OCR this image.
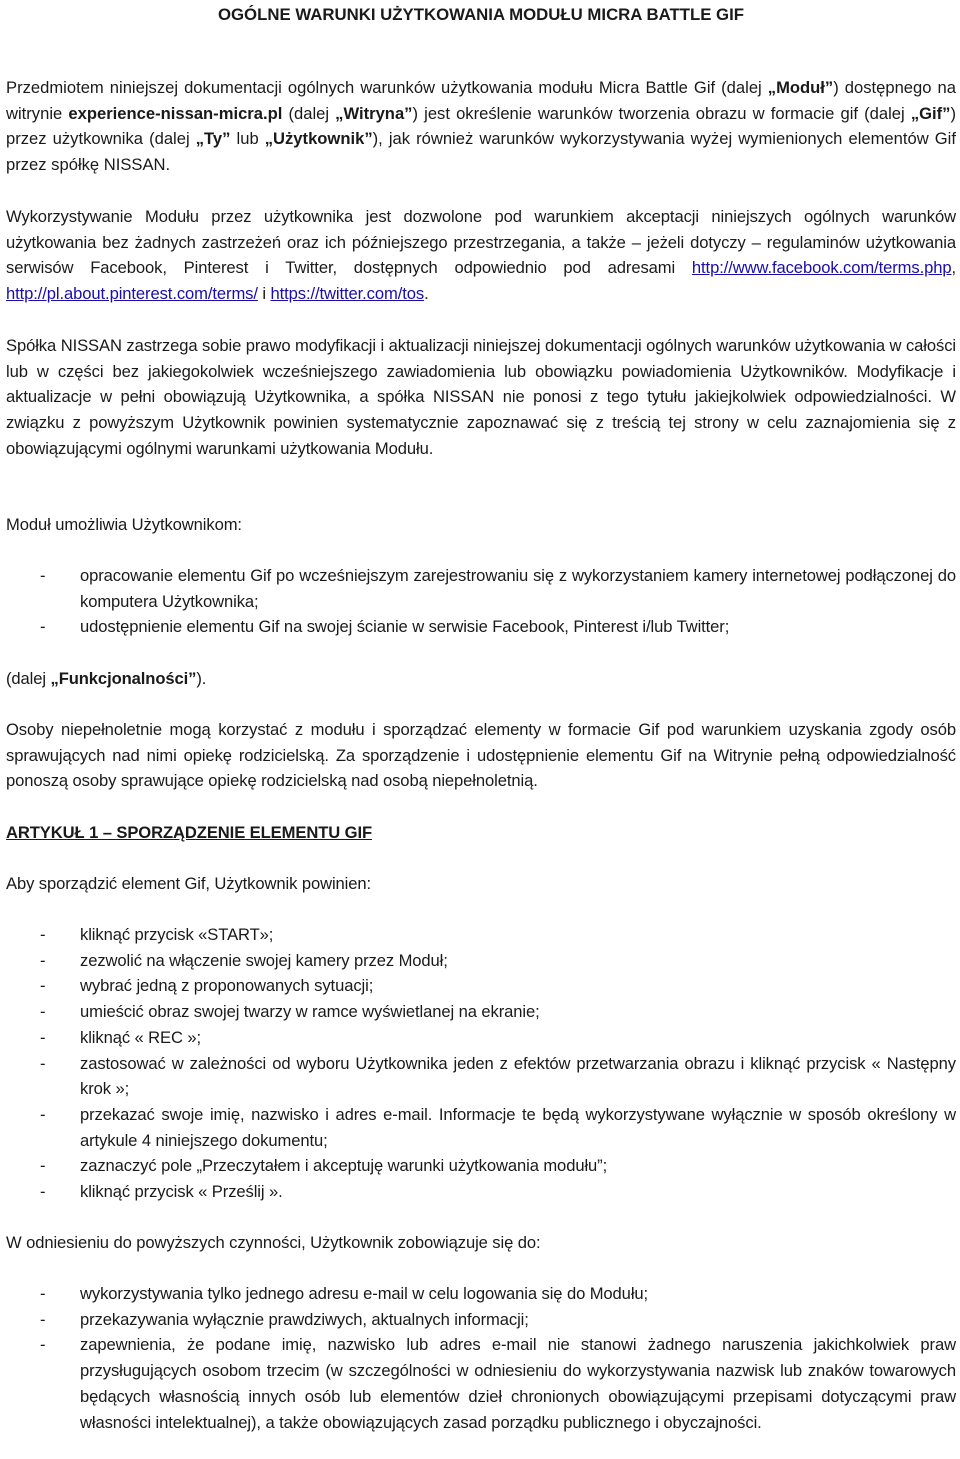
OGÓLNE WARUNKI UŻYTKOWANIA MODUŁU MICRA BATTLE GIF

Przedmiotem niniejszej dokumentacji ogólnych warunków użytkowania modułu Micra Battle Gif (dalej „Moduł”) dostępnego na witrynie experience-nissan-micra.pl (dalej „Witryna”) jest określenie warunków tworzenia obrazu w formacie gif (dalej „Gif”) przez użytkownika (dalej „Ty” lub „Użytkownik”), jak również warunków wykorzystywania wyżej wymienionych elementów Gif przez spółkę NISSAN.

Wykorzystywanie Modułu przez użytkownika jest dozwolone pod warunkiem akceptacji niniejszych ogólnych warunków użytkowania bez żadnych zastrzeżeń oraz ich późniejszego przestrzegania, a także – jeżeli dotyczy – regulaminów użytkowania serwisów Facebook, Pinterest i Twitter, dostępnych odpowiednio pod adresami http://www.facebook.com/terms.php, http://pl.about.pinterest.com/terms/ i https://twitter.com/tos.

Spółka NISSAN zastrzega sobie prawo modyfikacji i aktualizacji niniejszej dokumentacji ogólnych warunków użytkowania w całości lub w części bez jakiegokolwiek wcześniejszego zawiadomienia lub obowiązku powiadomienia Użytkowników. Modyfikacje i aktualizacje w pełni obowiązują Użytkownika, a spółka NISSAN nie ponosi z tego tytułu jakiejkolwiek odpowiedzialności. W związku z powyższym Użytkownik powinien systematycznie zapoznawać się z treścią tej strony w celu zaznajomienia się z obowiązującymi ogólnymi warunkami użytkowania Modułu.

Moduł umożliwia Użytkownikom:

- opracowanie elementu Gif po wcześniejszym zarejestrowaniu się z wykorzystaniem kamery internetowej podłączonej do komputera Użytkownika;
- udostępnienie elementu Gif na swojej ścianie w serwisie Facebook, Pinterest i/lub Twitter;

(dalej „Funkcjonalności”).

Osoby niepełnoletnie mogą korzystać z modułu i sporządzać elementy w formacie Gif pod warunkiem uzyskania zgody osób sprawujących nad nimi opiekę rodzicielską. Za sporządzenie i udostępnienie elementu Gif na Witrynie pełną odpowiedzialność ponoszą osoby sprawujące opiekę rodzicielską nad osobą niepełnoletnią.

ARTYKUŁ 1 – SPORZĄDZENIE ELEMENTU GIF

Aby sporządzić element Gif, Użytkownik powinien:

- kliknąć przycisk «START»;
- zezwolić na włączenie swojej kamery przez Moduł;
- wybrać jedną z proponowanych sytuacji;
- umieścić obraz swojej twarzy w ramce wyświetlanej na ekranie;
- kliknąć « REC »;
- zastosować w zależności od wyboru Użytkownika jeden z efektów przetwarzania obrazu i kliknąć przycisk « Następny krok »;
- przekazać swoje imię, nazwisko i adres e-mail. Informacje te będą wykorzystywane wyłącznie w sposób określony w artykule 4 niniejszego dokumentu;
- zaznaczyć pole „Przeczytałem i akceptuję warunki użytkowania modułu”;
- kliknąć przycisk « Prześlij ».

W odniesieniu do powyższych czynności, Użytkownik zobowiązuje się do:

- wykorzystywania tylko jednego adresu e-mail w celu logowania się do Modułu;
- przekazywania wyłącznie prawdziwych, aktualnych informacji;
- zapewnienia, że podane imię, nazwisko lub adres e-mail nie stanowi żadnego naruszenia jakichkolwiek praw przysługujących osobom trzecim (w szczególności w odniesieniu do wykorzystywania nazwisk lub znaków towarowych będących własnością innych osób lub elementów dzieł chronionych obowiązującymi przepisami dotyczącymi praw własności intelektualnej), a także obowiązujących zasad porządku publicznego i obyczajności.
